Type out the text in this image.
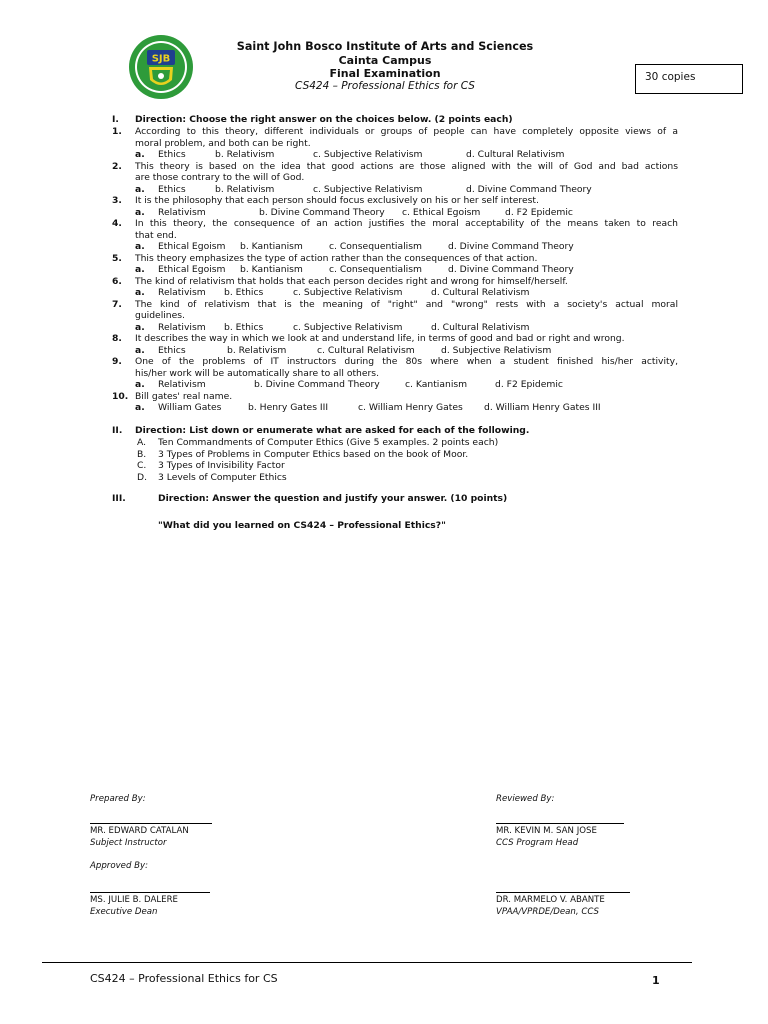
SJB
Saint John Bosco Institute of Arts and Sciences
Cainta Campus
Final Examination
CS424 – Professional Ethics for CS
30 copies
I. Direction: Choose the right answer on the choices below. (2 points each)
1. According to this theory, different individuals or groups of people can have completely opposite views of a
moral problem, and both can be right.
a. Ethics	b. Relativism	c. Subjective Relativism	d. Cultural Relativism
2. This theory is based on the idea that good actions are those aligned with the will of God and bad actions
are those contrary to the will of God.
a. Ethics	b. Relativism	c. Subjective Relativism	d. Divine Command Theory
3. It is the philosophy that each person should focus exclusively on his or her self interest.
a. Relativism	b. Divine Command Theory c. Ethical Egoism	d. F2 Epidemic
4. In this theory, the consequence of an action justifies the moral acceptability of the means taken to reach
that end.
a. Ethical Egoism b. Kantianism	c. Consequentialism	d. Divine Command Theory
5. This theory emphasizes the type of action rather than the consequences of that action.
a. Ethical Egoism b. Kantianism	c. Consequentialism	d. Divine Command Theory
6. The kind of relativism that holds that each person decides right and wrong for himself/herself.
a. Relativism b. Ethics	c. Subjective Relativism	d. Cultural Relativism
7. The kind of relativism that is the meaning of "right" and "wrong" rests with a society's actual moral
guidelines.
a. Relativism b. Ethics	c. Subjective Relativism	d. Cultural Relativism
8. It describes the way in which we look at and understand life, in terms of good and bad or right and wrong.
a. Ethics	b. Relativism	c. Cultural Relativism	d. Subjective Relativism
9. One of the problems of IT instructors during the 80s where when a student finished his/her activity,
his/her work will be automatically share to all others.
a. Relativism	b. Divine Command Theory	c. Kantianism	d. F2 Epidemic
10. Bill gates' real name.
a. William Gates	b. Henry Gates III	c. William Henry Gates d. William Henry Gates III
II. Direction: List down or enumerate what are asked for each of the following.
A. Ten Commandments of Computer Ethics (Give 5 examples. 2 points each)
B. 3 Types of Problems in Computer Ethics based on the book of Moor.
C. 3 Types of Invisibility Factor
D. 3 Levels of Computer Ethics
III.	Direction: Answer the question and justify your answer. (10 points)
"What did you learned on CS424 – Professional Ethics?"
Prepared By:
MR. EDWARD CATALAN
Subject Instructor
Reviewed By:
MR. KEVIN M. SAN JOSE
CCS Program Head
Approved By:
MS. JULIE B. DALERE
Executive Dean
DR. MARMELO V. ABANTE
VPAA/VPRDE/Dean, CCS
CS424 – Professional Ethics for CS	1
